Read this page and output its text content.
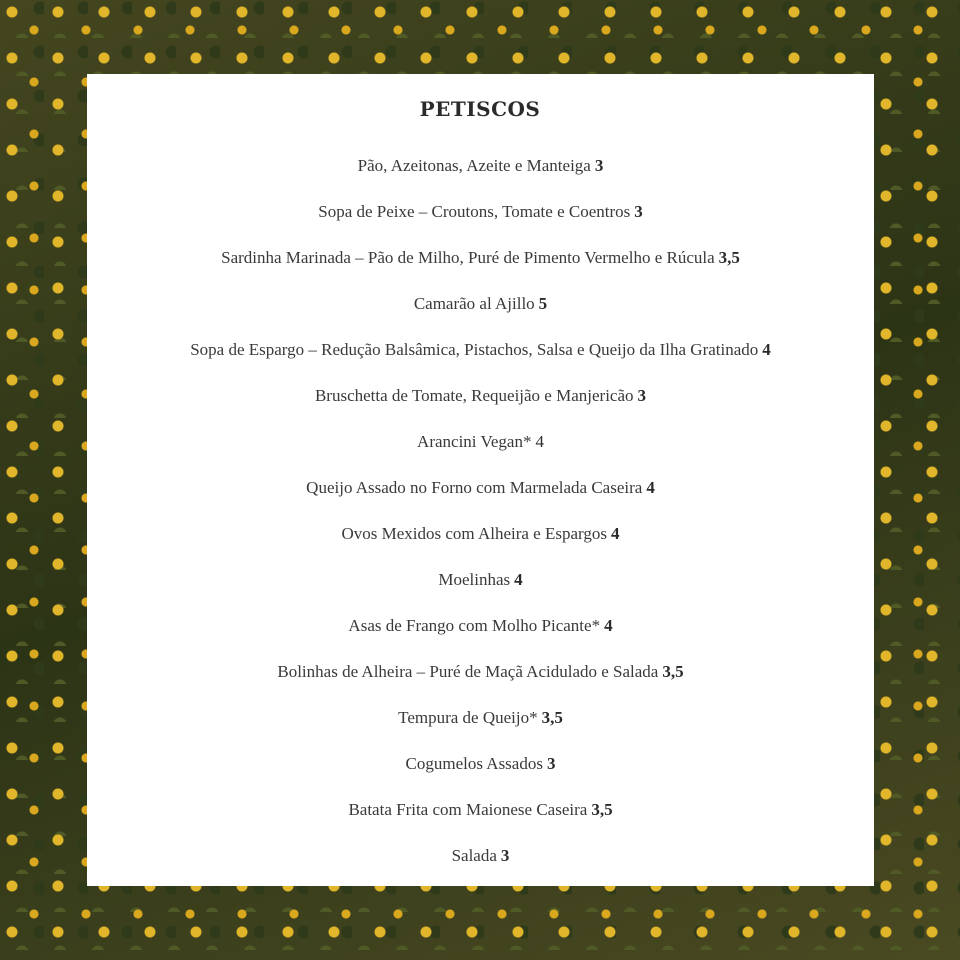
PETISCOS
Pão, Azeitonas, Azeite e Manteiga 3
Sopa de Peixe – Croutons, Tomate e Coentros 3
Sardinha Marinada – Pão de Milho, Puré de Pimento Vermelho e Rúcula 3,5
Camarão al Ajillo 5
Sopa de Espargo – Redução Balsâmica, Pistachos, Salsa e Queijo da Ilha Gratinado 4
Bruschetta de Tomate, Requeijão e Manjericão 3
Arancini Vegan* 4
Queijo Assado no Forno com Marmelada Caseira 4
Ovos Mexidos com Alheira e Espargos 4
Moelinhas 4
Asas de Frango com Molho Picante* 4
Bolinhas de Alheira – Puré de Maçã Acidulado e Salada 3,5
Tempura de Queijo* 3,5
Cogumelos Assados 3
Batata Frita com Maionese Caseira 3,5
Salada 3
